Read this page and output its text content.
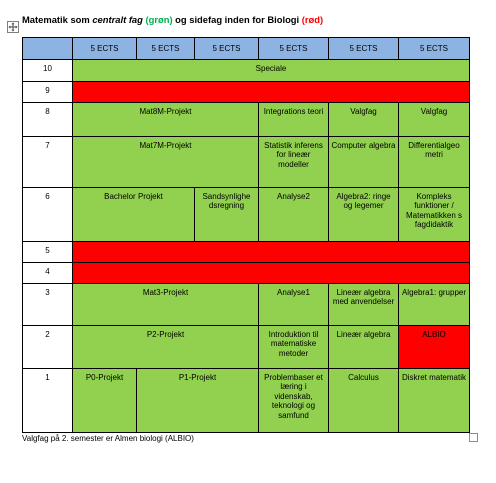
Matematik som centralt fag (grøn) og sidefag inden for Biologi (rød)
	5 ECTS	5 ECTS	5 ECTS	5 ECTS	5 ECTS	5 ECTS
10	Speciale					
9						
8	Mat8M-Projekt			Integrations teori	Valgfag	Valgfag
7	Mat7M-Projekt			Statistik inferens for lineær modeller	Computer algebra	Differentialgeo metri
6	Bachelor Projekt		Sandsynlighe dsregning	Analyse2	Algebra2: ringe og legemer	Kompleks funktioner / Matematikken s fagdidaktik
5						
4						
3	Mat3-Projekt			Analyse1	Lineær algebra med anvendelser	Algebra1: grupper
2	P2-Projekt			Introduktion til matematiske metoder	Lineær algebra	ALBIO
1	P0-Projekt	P1-Projekt		Problembaser et læring i videnskab, teknologi og samfund	Calculus	Diskret matematik
Valgfag på 2. semester er Almen biologi (ALBIO)
